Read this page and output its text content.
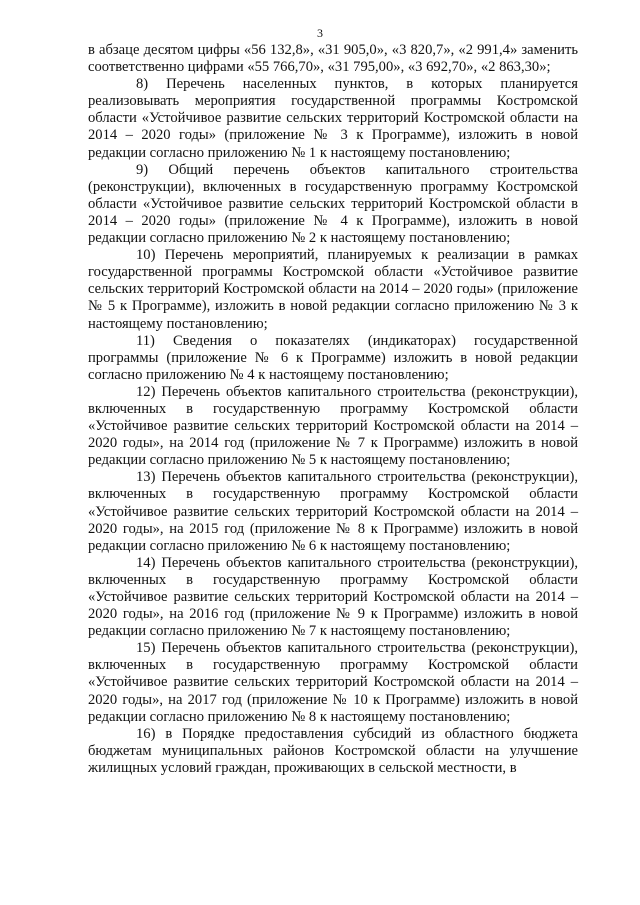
3

в абзаце десятом цифры «56 132,8», «31 905,0», «3 820,7», «2 991,4» заменить соответственно цифрами «55 766,70», «31 795,00», «3 692,70», «2 863,30»;

8) Перечень населенных пунктов, в которых планируется реализовывать мероприятия государственной программы Костромской области «Устойчивое развитие сельских территорий Костромской области на 2014 – 2020 годы» (приложение № 3 к Программе), изложить в новой редакции согласно приложению № 1 к настоящему постановлению;

9) Общий перечень объектов капитального строительства (реконструкции), включенных в государственную программу Костромской области «Устойчивое развитие сельских территорий Костромской области в 2014 – 2020 годы» (приложение № 4 к Программе), изложить в новой редакции согласно приложению № 2 к настоящему постановлению;

10) Перечень мероприятий, планируемых к реализации в рамках государственной программы Костромской области «Устойчивое развитие сельских территорий Костромской области на 2014 – 2020 годы» (приложение № 5 к Программе), изложить в новой редакции согласно приложению № 3 к настоящему постановлению;

11) Сведения о показателях (индикаторах) государственной программы (приложение № 6 к Программе) изложить в новой редакции согласно приложению № 4 к настоящему постановлению;

12) Перечень объектов капитального строительства (реконструкции), включенных в государственную программу Костромской области «Устойчивое развитие сельских территорий Костромской области на 2014 – 2020 годы», на 2014 год (приложение № 7 к Программе) изложить в новой редакции согласно приложению № 5 к настоящему постановлению;

13) Перечень объектов капитального строительства (реконструкции), включенных в государственную программу Костромской области «Устойчивое развитие сельских территорий Костромской области на 2014 – 2020 годы», на 2015 год (приложение № 8 к Программе) изложить в новой редакции согласно приложению № 6 к настоящему постановлению;

14) Перечень объектов капитального строительства (реконструкции), включенных в государственную программу Костромской области «Устойчивое развитие сельских территорий Костромской области на 2014 – 2020 годы», на 2016 год (приложение № 9 к Программе) изложить в новой редакции согласно приложению № 7 к настоящему постановлению;

15) Перечень объектов капитального строительства (реконструкции), включенных в государственную программу Костромской области «Устойчивое развитие сельских территорий Костромской области на 2014 – 2020 годы», на 2017 год (приложение № 10 к Программе) изложить в новой редакции согласно приложению № 8 к настоящему постановлению;

16) в Порядке предоставления субсидий из областного бюджета бюджетам муниципальных районов Костромской области на улучшение жилищных условий граждан, проживающих в сельской местности, в
